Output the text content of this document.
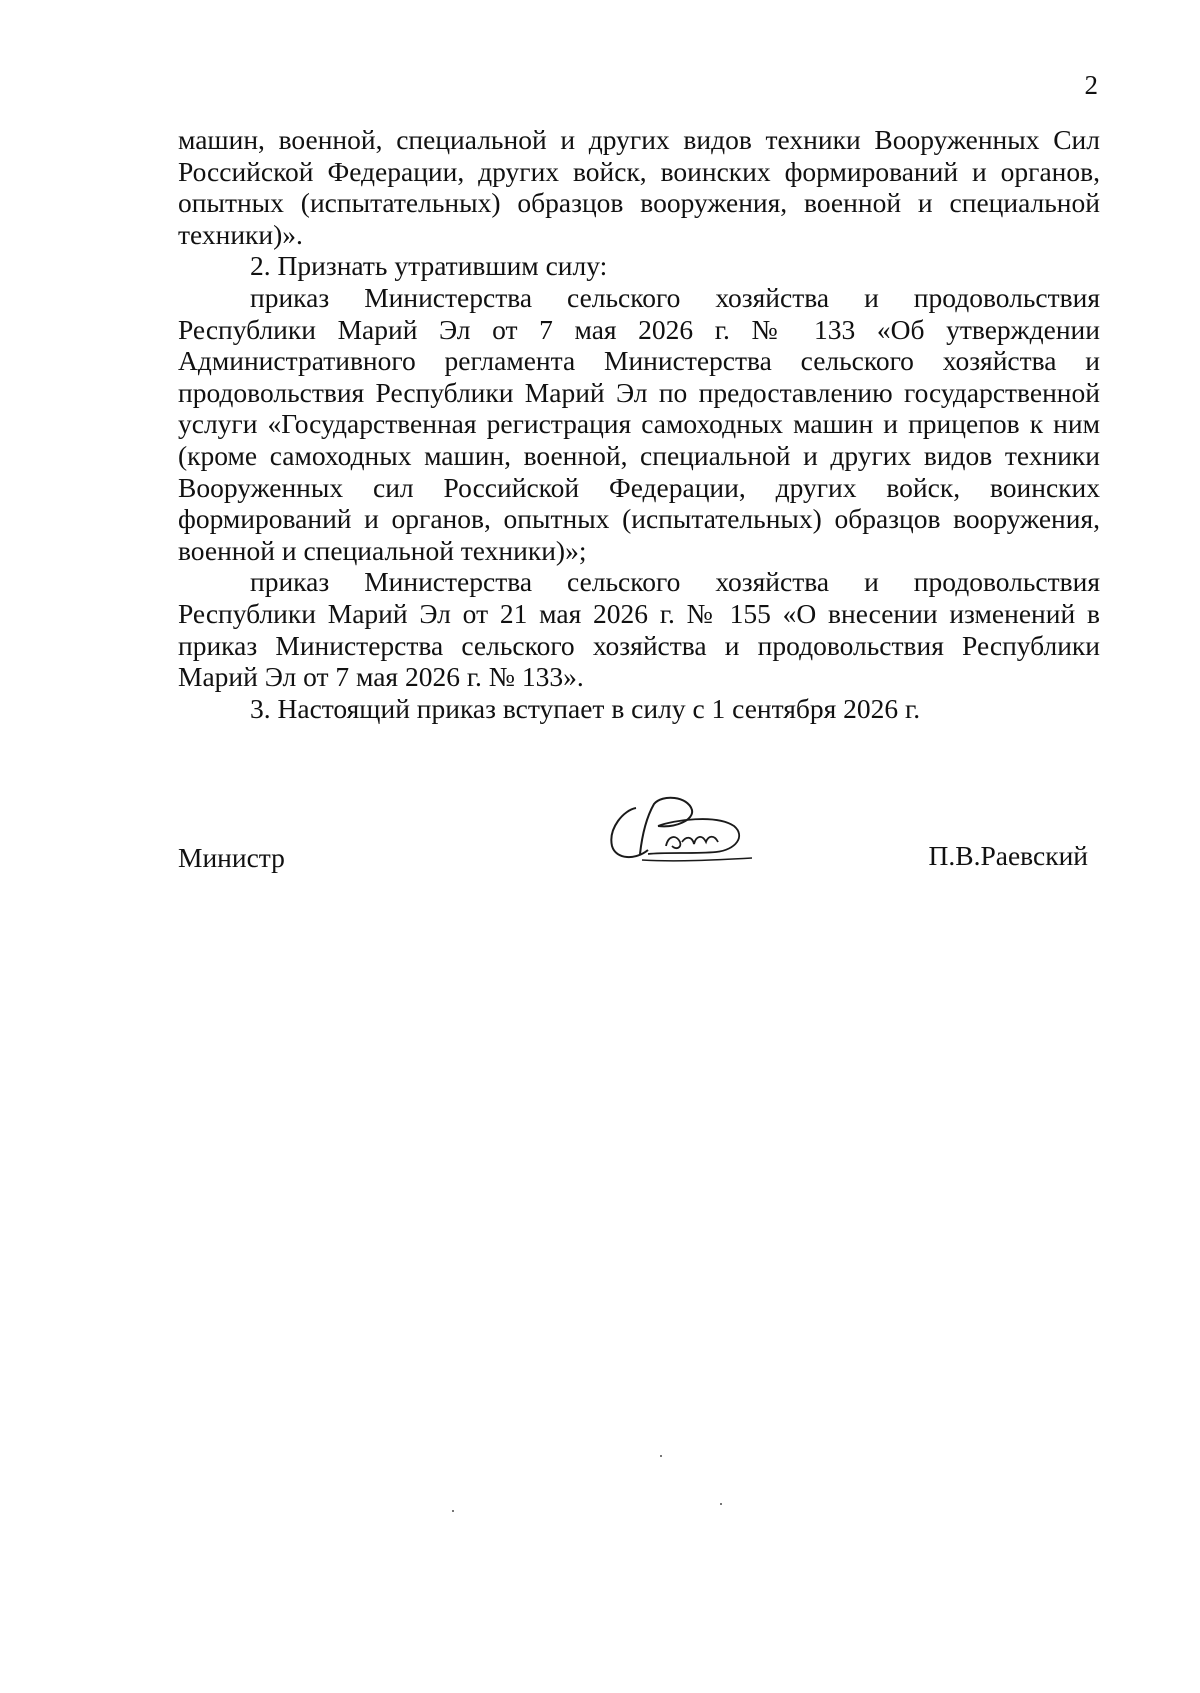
2

машин, военной, специальной и других видов техники Вооруженных Сил Российской Федерации, других войск, воинских формирований и органов, опытных (испытательных) образцов вооружения, военной и специальной техники)».

2. Признать утратившим силу:

приказ Министерства сельского хозяйства и продовольствия Республики Марий Эл от 7 мая 2026 г. № 133 «Об утверждении Административного регламента Министерства сельского хозяйства и продовольствия Республики Марий Эл по предоставлению государственной услуги «Государственная регистрация самоходных машин и прицепов к ним (кроме самоходных машин, военной, специальной и других видов техники Вооруженных сил Российской Федерации, других войск, воинских формирований и органов, опытных (испытательных) образцов вооружения, военной и специальной техники)»;

приказ Министерства сельского хозяйства и продовольствия Республики Марий Эл от 21 мая 2026 г. № 155 «О внесении изменений в приказ Министерства сельского хозяйства и продовольствия Республики Марий Эл от 7 мая 2026 г. № 133».

3. Настоящий приказ вступает в силу с 1 сентября 2026 г.

Министр	П.В.Раевский
